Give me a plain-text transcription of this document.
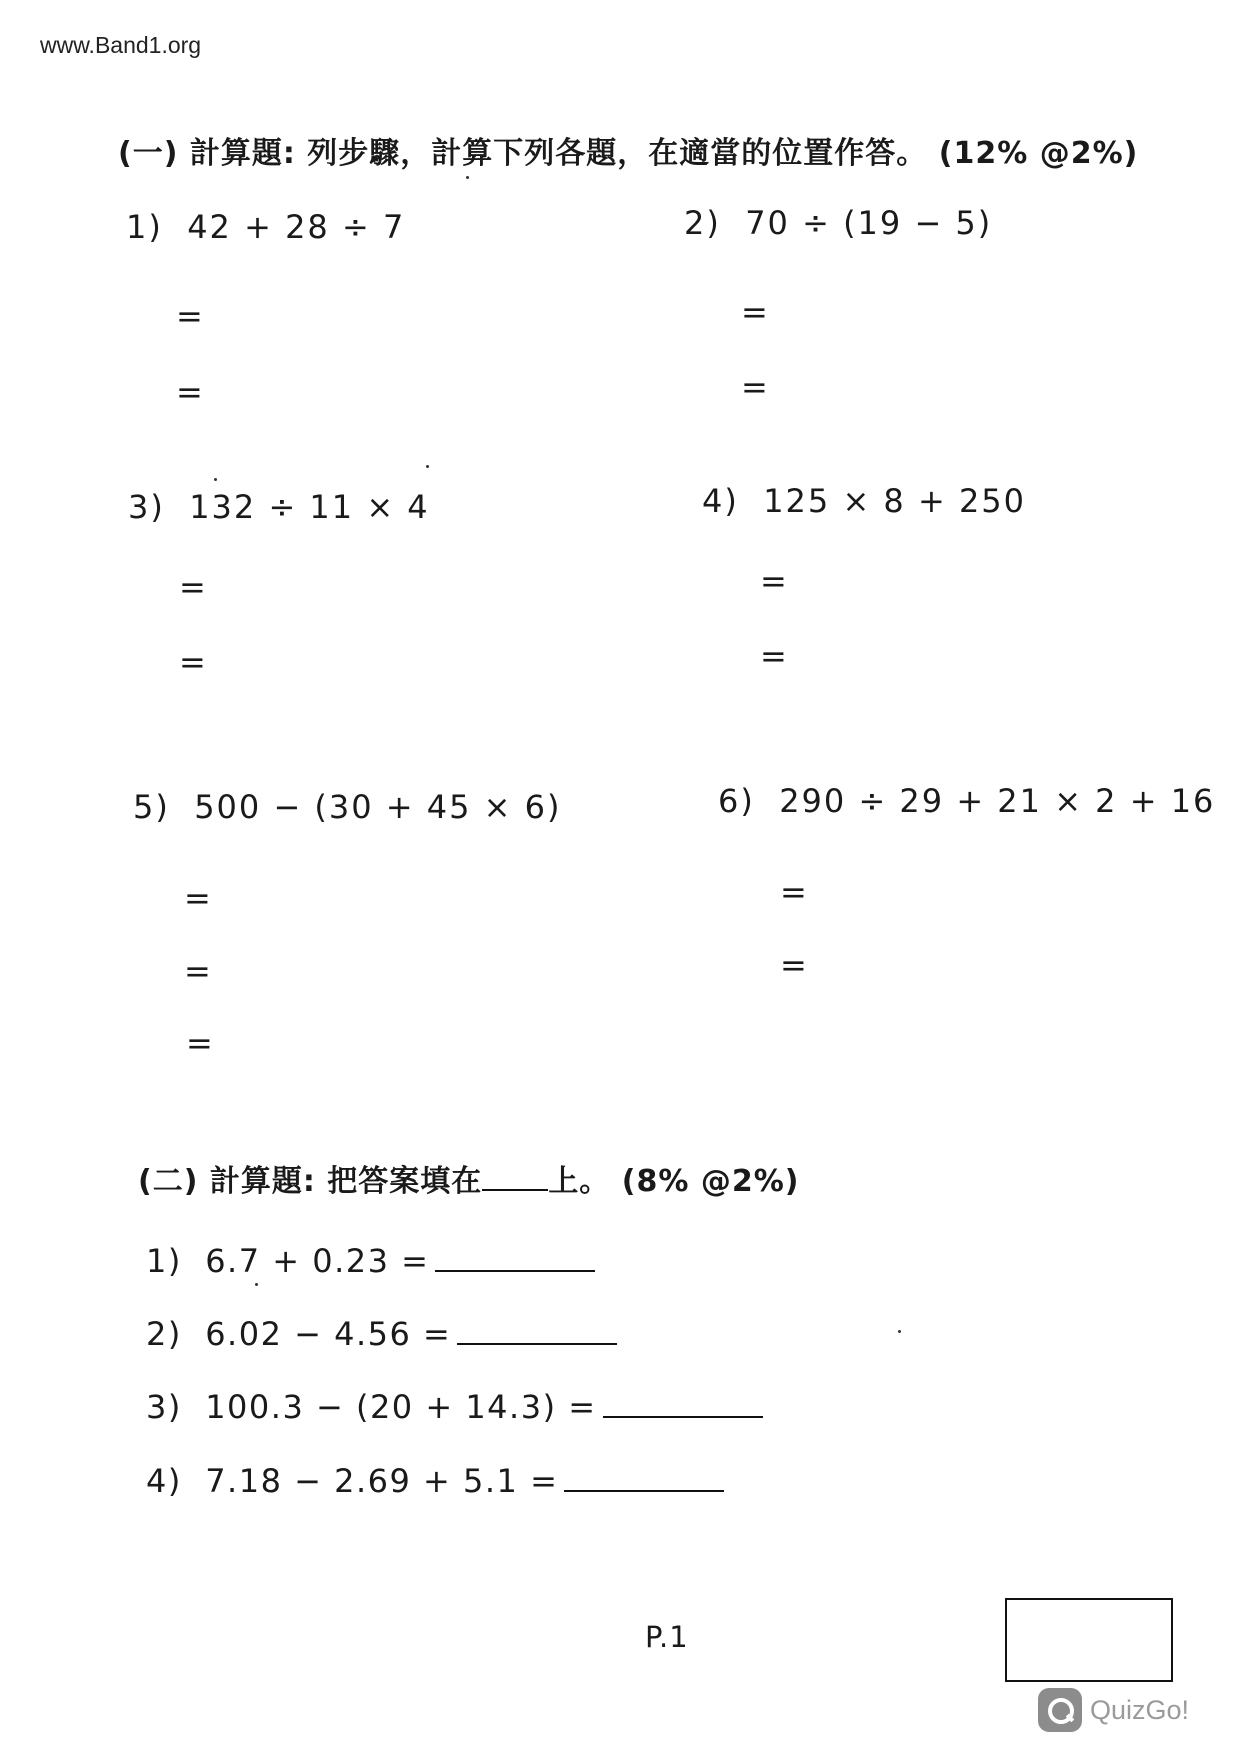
www.Band1.org
(一) 計算題: 列步驟，計算下列各題，在適當的位置作答。 (12% @2%)
1) 42 + 28 ÷ 7
=
=
2) 70 ÷ (19 − 5)
=
=
3) 132 ÷ 11 × 4
=
=
4) 125 × 8 + 250
=
=
5) 500 − (30 + 45 × 6)
=
=
=
6) 290 ÷ 29 + 21 × 2 + 16
=
=
(二) 計算題: 把答案填在 上。 (8% @2%)
1) 6.7 + 0.23 =
2) 6.02 − 4.56 =
3) 100.3 − (20 + 14.3) =
4) 7.18 − 2.69 + 5.1 =
P.1
QuizGo!
